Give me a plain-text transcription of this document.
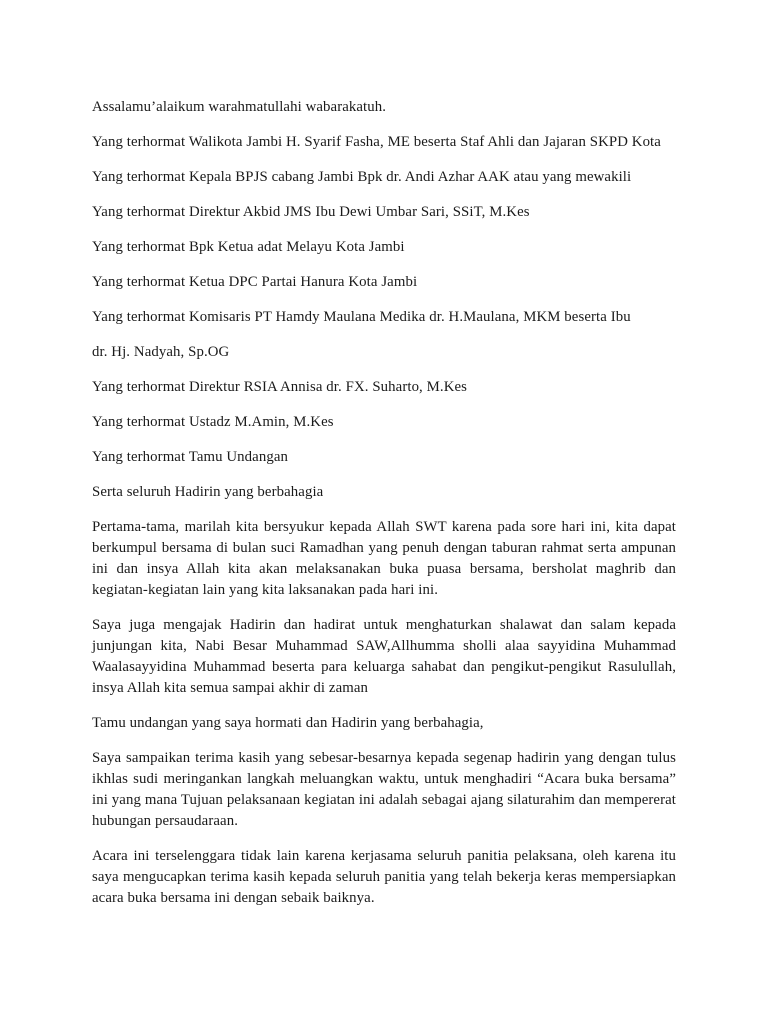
Assalamu’alaikum warahmatullahi wabarakatuh.

Yang terhormat Walikota Jambi H. Syarif Fasha, ME beserta Staf Ahli dan Jajaran SKPD Kota

Yang terhormat Kepala BPJS cabang Jambi Bpk dr. Andi Azhar AAK atau yang mewakili

Yang terhormat Direktur Akbid JMS Ibu Dewi Umbar Sari, SSiT, M.Kes

Yang terhormat Bpk Ketua adat Melayu Kota Jambi

Yang terhormat Ketua DPC Partai Hanura Kota Jambi

Yang terhormat Komisaris PT Hamdy Maulana Medika dr. H.Maulana, MKM beserta Ibu

dr. Hj. Nadyah, Sp.OG

Yang terhormat Direktur RSIA Annisa dr. FX. Suharto, M.Kes

Yang terhormat Ustadz M.Amin, M.Kes

Yang terhormat Tamu Undangan

Serta seluruh Hadirin yang berbahagia

Pertama-tama, marilah kita bersyukur kepada Allah SWT karena pada sore hari ini, kita dapat berkumpul bersama di bulan suci Ramadhan yang penuh dengan taburan rahmat serta ampunan ini dan insya Allah kita akan melaksanakan buka puasa bersama, bersholat maghrib dan kegiatan-kegiatan lain yang kita laksanakan pada hari ini.

Saya juga mengajak Hadirin dan hadirat untuk menghaturkan shalawat dan salam kepada junjungan kita, Nabi Besar Muhammad SAW,Allhumma sholli alaa sayyidina Muhammad Waalasayyidina Muhammad beserta para keluarga sahabat dan pengikut-pengikut Rasulullah, insya Allah kita semua sampai akhir di zaman

Tamu undangan yang saya hormati dan Hadirin yang berbahagia,

Saya sampaikan terima kasih yang sebesar-besarnya kepada segenap hadirin yang dengan tulus ikhlas sudi meringankan langkah meluangkan waktu, untuk menghadiri “Acara buka bersama” ini yang mana Tujuan pelaksanaan kegiatan ini adalah sebagai ajang silaturahim dan mempererat hubungan persaudaraan.

Acara ini terselenggara tidak lain karena kerjasama seluruh panitia pelaksana, oleh karena itu saya mengucapkan terima kasih kepada seluruh panitia yang telah bekerja keras mempersiapkan acara buka bersama ini dengan sebaik baiknya.
